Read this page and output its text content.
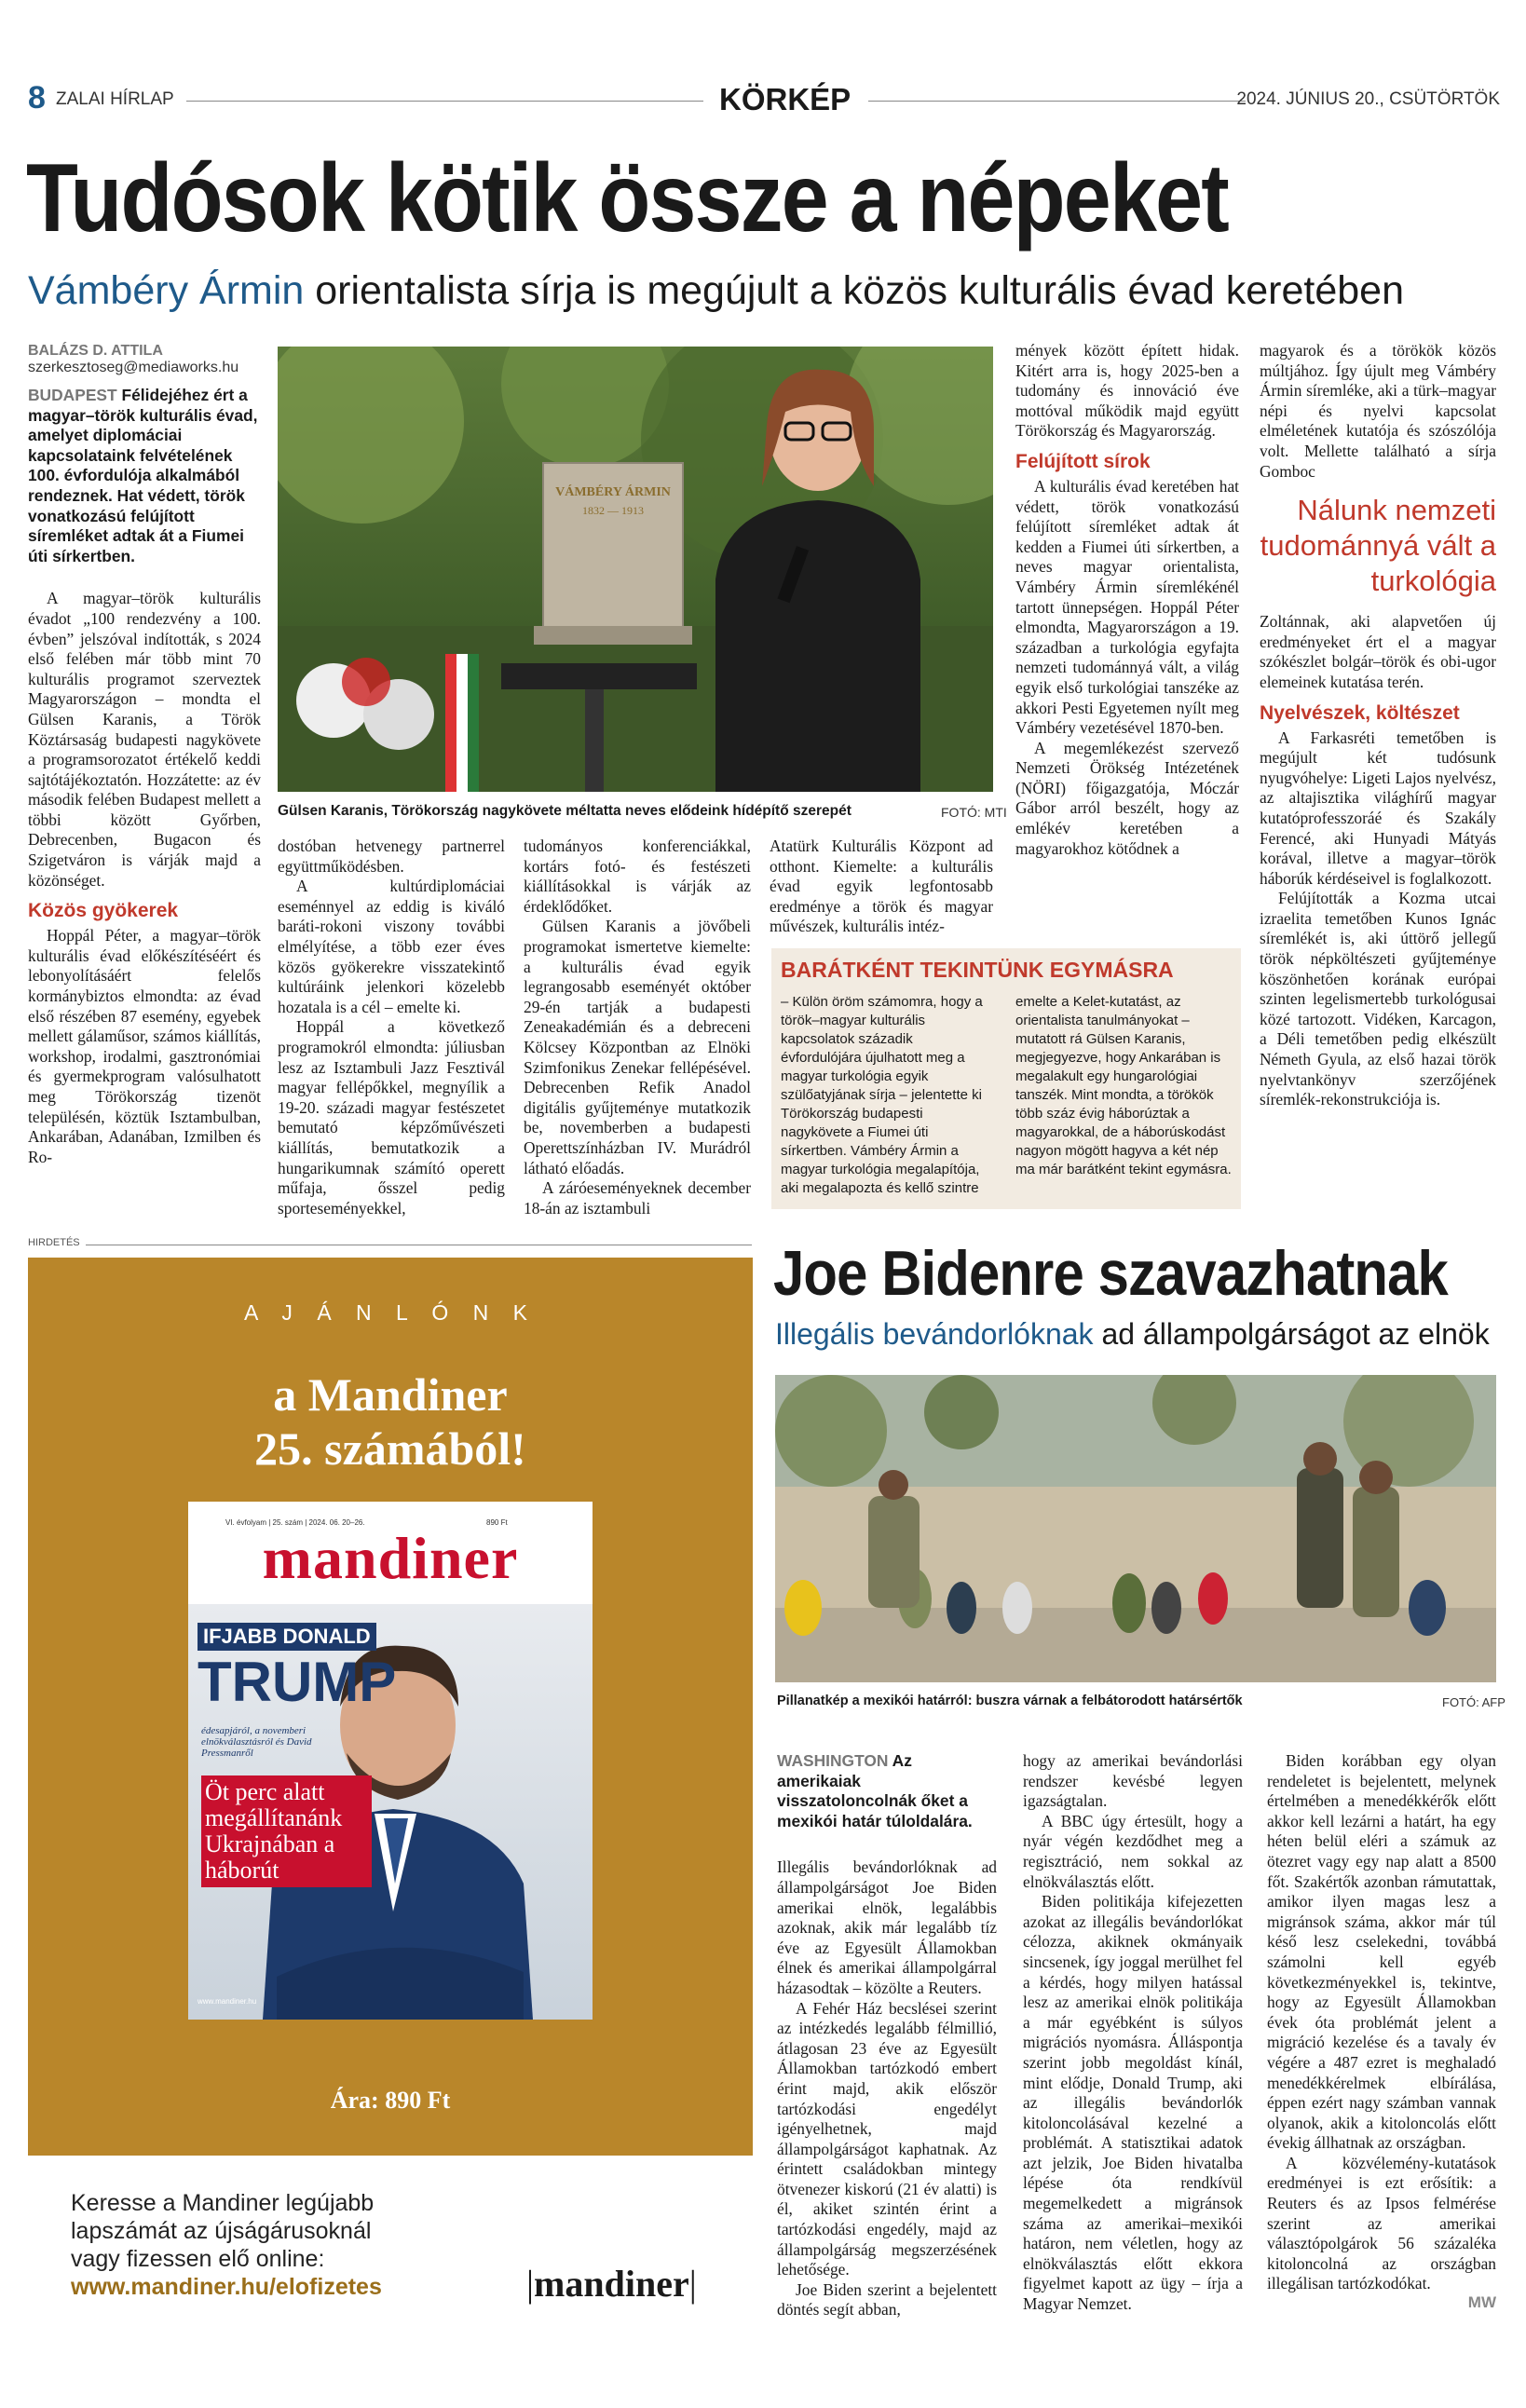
8 ZALAI HÍRLAP	KÖRKÉP	2024. JÚNIUS 20., CSÜTÖRTÖK
Tudósok kötik össze a népeket
Vámbéry Ármin orientalista sírja is megújult a közös kulturális évad keretében
BALÁZS D. ATTILA
szerkesztoseg@mediaworks.hu
BUDAPEST Félidejéhez ért a magyar–török kulturális évad, amelyet diplomáciai kapcsolataink felvételének 100. évfordulója alkalmából rendeznek. Hat védett, török vonatkozású felújított síremléket adtak át a Fiumei úti sírkertben.

A magyar–török kulturális évadot „100 rendezvény a 100. évben” jelszóval indították, s 2024 első felében már több mint 70 kulturális programot szerveztek Magyarországon – mondta el Gülsen Karanis, a Török Köztársaság budapesti nagykövete a programsorozatot értékelő keddi sajtótájékoztatón. Hozzátette: az év második felében Budapest mellett a többi között Győrben, Debrecenben, Bugacon és Szigetváron is várják majd a közönséget.

Közös gyökerek

Hoppál Péter, a magyar–török kulturális évad előkészítéséért és lebonyolításáért felelős kormánybiztos elmondta: az évad első részében 87 esemény, egyebek mellett gálaműsor, számos kiállítás, workshop, irodalmi, gasztronómiai és gyermekprogram valósulhatott meg Törökország tizenöt településén, köztük Isztambulban, Ankarában, Adanában, Izmilben és Ro-

VÁMBÉRY ÁRMIN
1832 — 1913
Gülsen Karanis, Törökország nagykövete méltatta neves elődeink hídépítő szerepét	FOTÓ: MTI

dostóban hetvenegy partnerrel együttműködésben.

A kultúrdiplomáciai eseménnyel az eddig is kiváló baráti-rokoni viszony további elmélyítése, a több ezer éves közös gyökerekre visszatekintő kultúráink jelenkori közelebb hozatala is a cél – emelte ki.

Hoppál a következő programokról elmondta: júliusban lesz az Isztambuli Jazz Fesztivál magyar fellépőkkel, megnyílik a 19-20. századi magyar festészetet bemutató képzőművészeti kiállítás, bemutatkozik a hungarikumnak számító operett műfaja, ősszel pedig sporteseményekkel,

tudományos konferenciákkal, kortárs fotó- és festészeti kiállításokkal is várják az érdeklődőket.

Gülsen Karanis a jövőbeli programokat ismertetve kiemelte: a kulturális évad egyik legrangosabb eseményét október 29-én tartják a budapesti Zeneakadémián és a debreceni Kölcsey Központban az Elnöki Szimfonikus Zenekar fellépésével. Debrecenben Refik Anadol digitális gyűjteménye mutatkozik be, novemberben a budapesti Operettszínházban IV. Murádról látható előadás.

A záróeseményeknek december 18-án az isztambuli

Atatürk Kulturális Központ ad otthont. Kiemelte: a kulturális évad egyik legfontosabb eredménye a török és magyar művészek, kulturális intéz-

mények között épített hidak. Kitért arra is, hogy 2025-ben a tudomány és innováció éve mottóval működik majd együtt Törökország és Magyarország.

Felújított sírok

A kulturális évad keretében hat védett, török vonatkozású felújított síremléket adtak át kedden a Fiumei úti sírkertben, a neves magyar orientalista, Vámbéry Ármin síremlékénél tartott ünnepségen. Hoppál Péter elmondta, Magyarországon a 19. században a turkológia egyfajta nemzeti tudománnyá vált, a világ egyik első turkológiai tanszéke az akkori Pesti Egyetemen nyílt meg Vámbéry vezetésével 1870-ben.

A megemlékezést szervező Nemzeti Örökség Intézetének (NÖRI) főigazgatója, Móczár Gábor arról beszélt, hogy az emlékév keretében a magyarokhoz kötődnek a

magyarok és a törökök közös múltjához. Így újult meg Vámbéry Ármin síremléke, aki a türk–magyar népi és nyelvi kapcsolat elméletének kutatója és szószólója volt. Mellette található a sírja Gomboc

Nálunk nemzeti tudománnyá vált a turkológia

Zoltánnak, aki alapvetően új eredményeket ért el a magyar szókészlet bolgár–török és obi-ugor elemeinek kutatása terén.

Nyelvészek, költészet

A Farkasréti temetőben is megújult két tudósunk nyugvóhelye: Ligeti Lajos nyelvész, az altajisztika világhírű magyar kutatóprofesszoráé és Szakály Ferencé, aki Hunyadi Mátyás korával, illetve a magyar–török háborúk kérdéseivel is foglalkozott.

Felújították a Kozma utcai izraelita temetőben Kunos Ignác síremlékét is, aki úttörő jellegű török népköltészeti gyűjteménye köszönhetően korának európai szinten legelismertebb turkológusai közé tartozott. Vidéken, Karcagon, a Déli temetőben pedig elkészült Németh Gyula, az első hazai török nyelvtankönyv szerzőjének síremlék-rekonstrukciója is.

BARÁTKÉNT TEKINTÜNK EGYMÁSRA
– Külön öröm számomra, hogy a török–magyar kulturális kapcsolatok századik évfordulójára újulhatott meg a magyar turkológia egyik szülőatyjának sírja – jelentette ki Törökország budapesti nagykövete a Fiumei úti sírkertben. Vámbéry Ármin a magyar turkológia megalapítója, aki megalapozta és kellő szintre
emelte a Kelet-kutatást, az orientalista tanulmányokat – mutatott rá Gülsen Karanis, megjegyezve, hogy Ankarában is megalakult egy hungarológiai tanszék. Mint mondta, a törökök több száz évig háborúztak a magyarokkal, de a háborúskodást nagyon mögött hagyva a két nép ma már barátként tekint egymásra.
HIRDETÉS
A J Á N L Ó N K
a Mandiner
25. számából!
VI. évfolyam | 25. szám | 2024. 06. 20–26.	890 Ft
mandiner
IFJABB DONALD
TRUMP
édesapjáról, a novemberi elnökválasztásról és David Pressmanről
Öt perc alatt megállítanánk Ukrajnában a háborút
www.mandiner.hu
Ára: 890 Ft
Keresse a Mandiner legújabb
lapszámát az újságárusoknál
vagy fizessen elő online:
www.mandiner.hu/elofizetes	|mandiner|
Joe Bidenre szavazhatnak
Illegális bevándorlóknak ad állampolgárságot az elnök
Pillanatkép a mexikói határról: buszra várnak a felbátorodott határsértők	FOTÓ: AFP
WASHINGTON Az amerikaiak visszatoloncolnák őket a mexikói határ túloldalára.

Illegális bevándorlóknak ad állampolgárságot Joe Biden amerikai elnök, legalábbis azoknak, akik már legalább tíz éve az Egyesült Államokban élnek és amerikai állampolgárral házasodtak – közölte a Reuters.

A Fehér Ház becslései szerint az intézkedés legalább félmillió, átlagosan 23 éve az Egyesült Államokban tartózkodó embert érint majd, akik először tartózkodási engedélyt igényelhetnek, majd állampolgárságot kaphatnak. Az érintett családokban mintegy ötvenezer kiskorú (21 év alatti) is él, akiket szintén érint a tartózkodási engedély, majd az állampolgárság megszerzésének lehetősége.

Joe Biden szerint a bejelentett döntés segít abban,

hogy az amerikai bevándorlási rendszer kevésbé legyen igazságtalan.

A BBC úgy értesült, hogy a nyár végén kezdődhet meg a regisztráció, nem sokkal az elnökválasztás előtt.

Biden politikája kifejezetten azokat az illegális bevándorlókat célozza, akiknek okmányaik sincsenek, így joggal merülhet fel a kérdés, hogy milyen hatással lesz az amerikai elnök politikája a már egyébként is súlyos migrációs nyomásra. Álláspontja szerint jobb megoldást kínál, mint elődje, Donald Trump, aki az illegális bevándorlók kitoloncolásával kezelné a problémát. A statisztikai adatok azt jelzik, Joe Biden hivatalba lépése óta rendkívül megemelkedett a migránsok száma az amerikai–mexikói határon, nem véletlen, hogy az elnökválasztás előtt ekkora figyelmet kapott az ügy – írja a Magyar Nemzet.

Biden korábban egy olyan rendeletet is bejelentett, melynek értelmében a menedékkérők előtt akkor kell lezárni a határt, ha egy héten belül eléri a számuk az ötezret vagy egy nap alatt a 8500 főt. Szakértők azonban rámutattak, amikor ilyen magas lesz a migránsok száma, akkor már túl késő lesz cselekedni, továbbá számolni kell egyéb következményekkel is, tekintve, hogy az Egyesült Államokban évek óta problémát jelent a migráció kezelése és a tavaly év végére a 487 ezret is meghaladó menedékkérelmek elbírálása, éppen ezért nagy számban vannak olyanok, akik a kitoloncolás előtt évekig állhatnak az országban.

A közvélemény-kutatások eredményei is ezt erősítik: a Reuters és az Ipsos felmérése szerint az amerikai választópolgárok 56 százaléka kitoloncolná az országban illegálisan tartózkodókat.

MW
